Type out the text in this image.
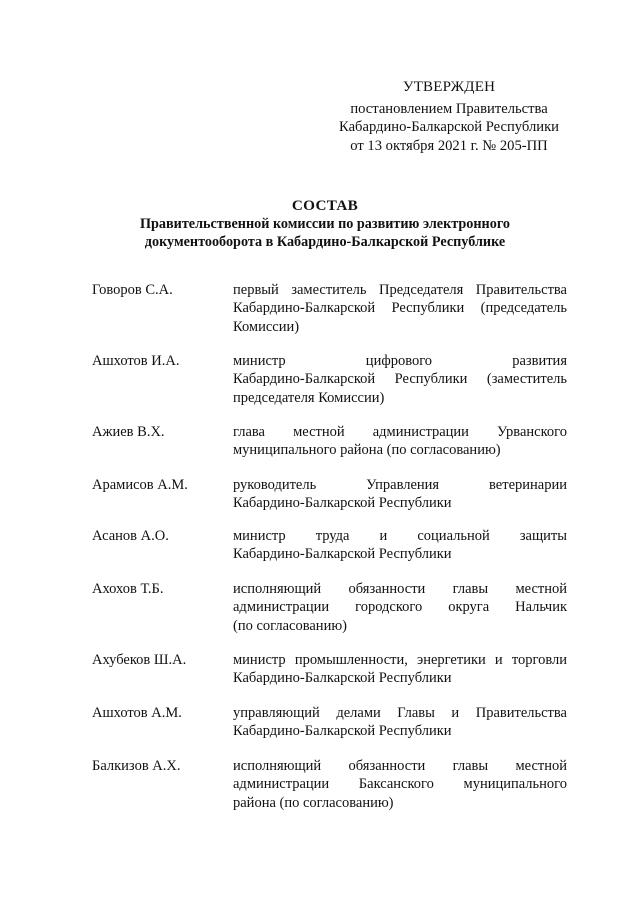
УТВЕРЖДЕН
постановлением Правительства
Кабардино-Балкарской Республики
от 13 октября 2021 г. № 205-ПП
СОСТАВ
Правительственной комиссии по развитию электронного
документооборота в Кабардино-Балкарской Республике
Говоров С.А.	первый заместитель Председателя Правительства
Кабардино-Балкарской Республики (председатель
Комиссии)
Ашхотов И.А.	министр цифрового развития
Кабардино-Балкарской Республики (заместитель
председателя Комиссии)
Ажиев В.Х.	глава местной администрации Урванского
муниципального района (по согласованию)
Арамисов А.М.	руководитель Управления ветеринарии
Кабардино-Балкарской Республики
Асанов А.О.	министр труда и социальной защиты
Кабардино-Балкарской Республики
Ахохов Т.Б.	исполняющий обязанности главы местной
администрации городского округа Нальчик
(по согласованию)
Ахубеков Ш.А.	министр промышленности, энергетики и торговли
Кабардино-Балкарской Республики
Ашхотов А.М.	управляющий делами Главы и Правительства
Кабардино-Балкарской Республики
Балкизов А.Х.	исполняющий обязанности главы местной
администрации Баксанского муниципального
района (по согласованию)
